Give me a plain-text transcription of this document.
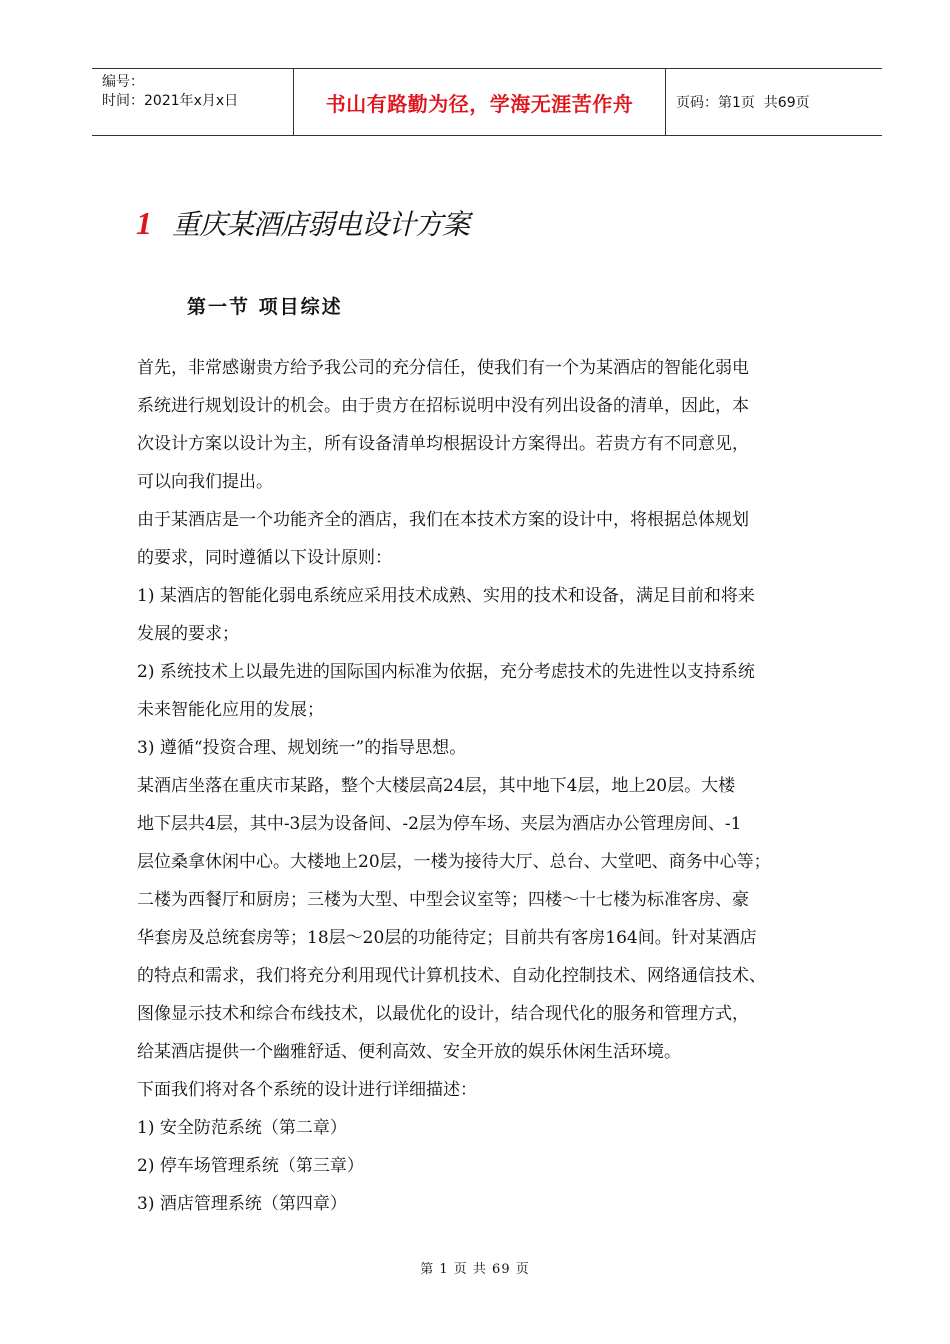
编号：
时间：2021年x月x日	书山有路勤为径，学海无涯苦作舟	页码：第1页  共69页
1 重庆某酒店弱电设计方案
第一节 项目综述
首先，非常感谢贵方给予我公司的充分信任，使我们有一个为某酒店的智能化弱电
系统进行规划设计的机会。由于贵方在招标说明中没有列出设备的清单，因此，本
次设计方案以设计为主，所有设备清单均根据设计方案得出。若贵方有不同意见，
可以向我们提出。
由于某酒店是一个功能齐全的酒店，我们在本技术方案的设计中，将根据总体规划
的要求，同时遵循以下设计原则：
1) 某酒店的智能化弱电系统应采用技术成熟、实用的技术和设备，满足目前和将来
发展的要求；
2) 系统技术上以最先进的国际国内标准为依据，充分考虑技术的先进性以支持系统
未来智能化应用的发展；
3) 遵循“投资合理、规划统一”的指导思想。
某酒店坐落在重庆市某路，整个大楼层高24层，其中地下4层，地上20层。大楼
地下层共4层，其中-3层为设备间、-2层为停车场、夹层为酒店办公管理房间、-1
层位桑拿休闲中心。大楼地上20层，一楼为接待大厅、总台、大堂吧、商务中心等；
二楼为西餐厅和厨房；三楼为大型、中型会议室等；四楼～十七楼为标准客房、豪
华套房及总统套房等；18层～20层的功能待定；目前共有客房164间。针对某酒店
的特点和需求，我们将充分利用现代计算机技术、自动化控制技术、网络通信技术、
图像显示技术和综合布线技术，以最优化的设计，结合现代化的服务和管理方式，
给某酒店提供一个幽雅舒适、便利高效、安全开放的娱乐休闲生活环境。
下面我们将对各个系统的设计进行详细描述：
1) 安全防范系统（第二章）
2) 停车场管理系统（第三章）
3) 酒店管理系统（第四章）
第 1 页 共 69 页
